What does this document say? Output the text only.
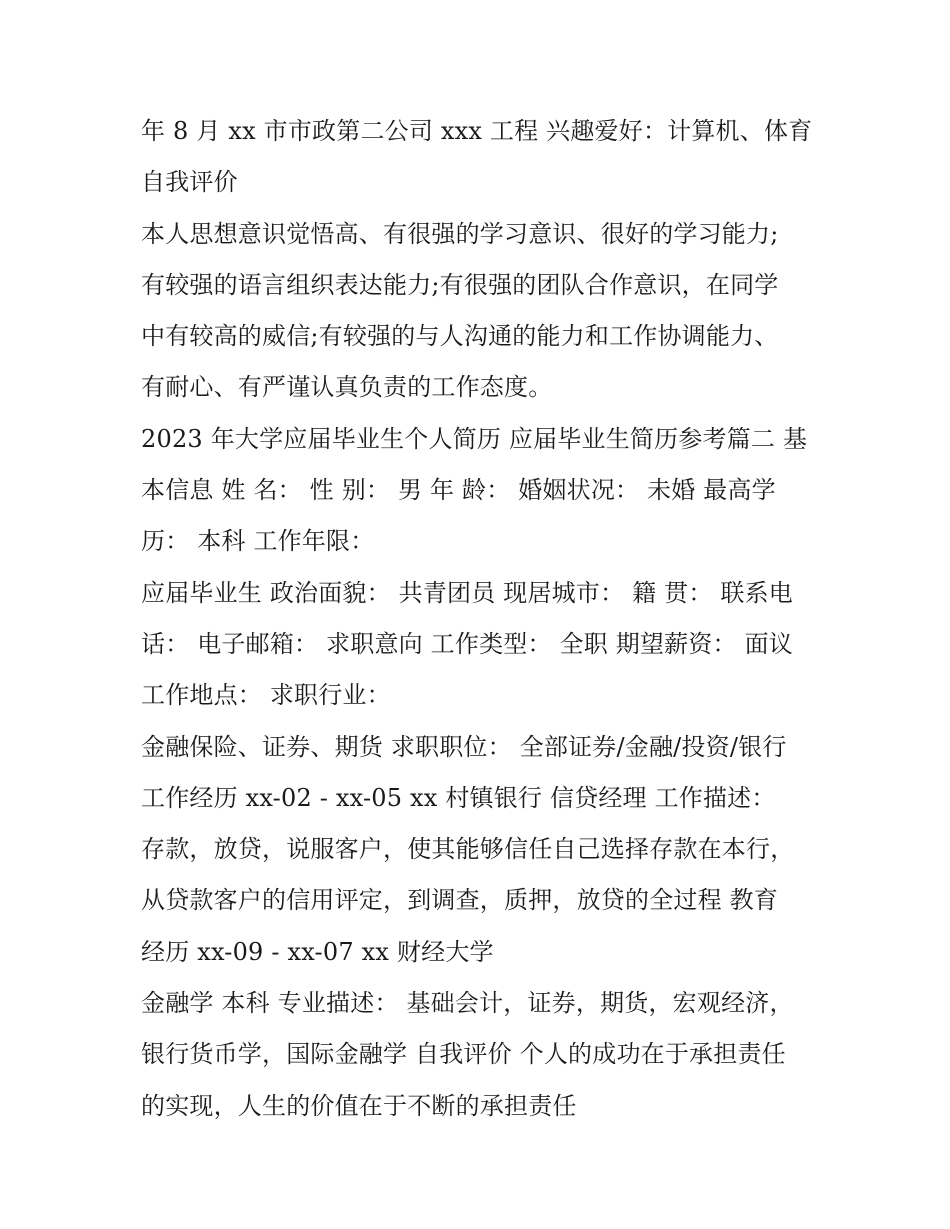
年 8 月 xx 市市政第二公司 xxx 工程 兴趣爱好：计算机、体育
自我评价
本人思想意识觉悟高、有很强的学习意识、很好的学习能力;
有较强的语言组织表达能力;有很强的团队合作意识，在同学
中有较高的威信;有较强的与人沟通的能力和工作协调能力、
有耐心、有严谨认真负责的工作态度。
2023 年大学应届毕业生个人简历 应届毕业生简历参考篇二 基
本信息 姓 名： 性 别： 男 年 龄： 婚姻状况： 未婚 最高学
历： 本科 工作年限：
应届毕业生 政治面貌： 共青团员 现居城市： 籍 贯： 联系电
话： 电子邮箱： 求职意向 工作类型： 全职 期望薪资： 面议
工作地点： 求职行业：
金融保险、证券、期货 求职职位： 全部证券/金融/投资/银行
工作经历 xx-02 - xx-05 xx 村镇银行 信贷经理 工作描述：
存款，放贷，说服客户，使其能够信任自己选择存款在本行，
从贷款客户的信用评定，到调查，质押，放贷的全过程 教育
经历 xx-09 - xx-07 xx 财经大学
金融学 本科 专业描述： 基础会计，证券，期货，宏观经济，
银行货币学，国际金融学 自我评价 个人的成功在于承担责任
的实现，人生的价值在于不断的承担责任
